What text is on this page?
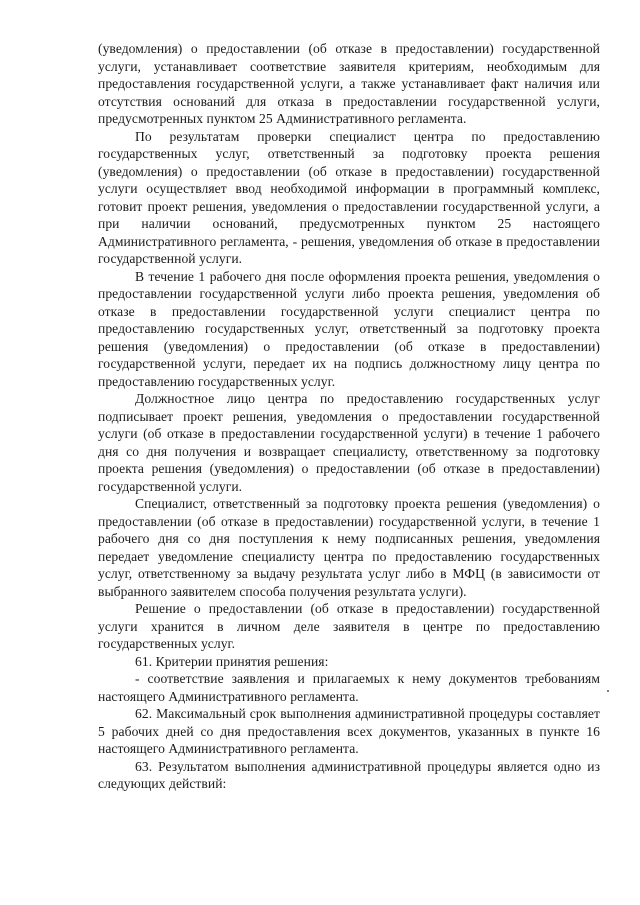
(уведомления) о предоставлении (об отказе в предоставлении) государственной услуги, устанавливает соответствие заявителя критериям, необходимым для предоставления государственной услуги, а также устанавливает факт наличия или отсутствия оснований для отказа в предоставлении государственной услуги, предусмотренных пунктом 25 Административного регламента.

По результатам проверки специалист центра по предоставлению государственных услуг, ответственный за подготовку проекта решения (уведомления) о предоставлении (об отказе в предоставлении) государственной услуги осуществляет ввод необходимой информации в программный комплекс, готовит проект решения, уведомления о предоставлении государственной услуги, а при наличии оснований, предусмотренных пунктом 25 настоящего Административного регламента, - решения, уведомления об отказе в предоставлении государственной услуги.

В течение 1 рабочего дня после оформления проекта решения, уведомления о предоставлении государственной услуги либо проекта решения, уведомления об отказе в предоставлении государственной услуги специалист центра по предоставлению государственных услуг, ответственный за подготовку проекта решения (уведомления) о предоставлении (об отказе в предоставлении) государственной услуги, передает их на подпись должностному лицу центра по предоставлению государственных услуг.

Должностное лицо центра по предоставлению государственных услуг подписывает проект решения, уведомления о предоставлении государственной услуги (об отказе в предоставлении государственной услуги) в течение 1 рабочего дня со дня получения и возвращает специалисту, ответственному за подготовку проекта решения (уведомления) о предоставлении (об отказе в предоставлении) государственной услуги.

Специалист, ответственный за подготовку проекта решения (уведомления) о предоставлении (об отказе в предоставлении) государственной услуги, в течение 1 рабочего дня со дня поступления к нему подписанных решения, уведомления передает уведомление специалисту центра по предоставлению государственных услуг, ответственному за выдачу результата услуг либо в МФЦ (в зависимости от выбранного заявителем способа получения результата услуги).

Решение о предоставлении (об отказе в предоставлении) государственной услуги хранится в личном деле заявителя в центре по предоставлению государственных услуг.

61. Критерии принятия решения:

- соответствие заявления и прилагаемых к нему документов требованиям настоящего Административного регламента.

62. Максимальный срок выполнения административной процедуры составляет 5 рабочих дней со дня предоставления всех документов, указанных в пункте 16 настоящего Административного регламента.

63. Результатом выполнения административной процедуры является одно из следующих действий:
